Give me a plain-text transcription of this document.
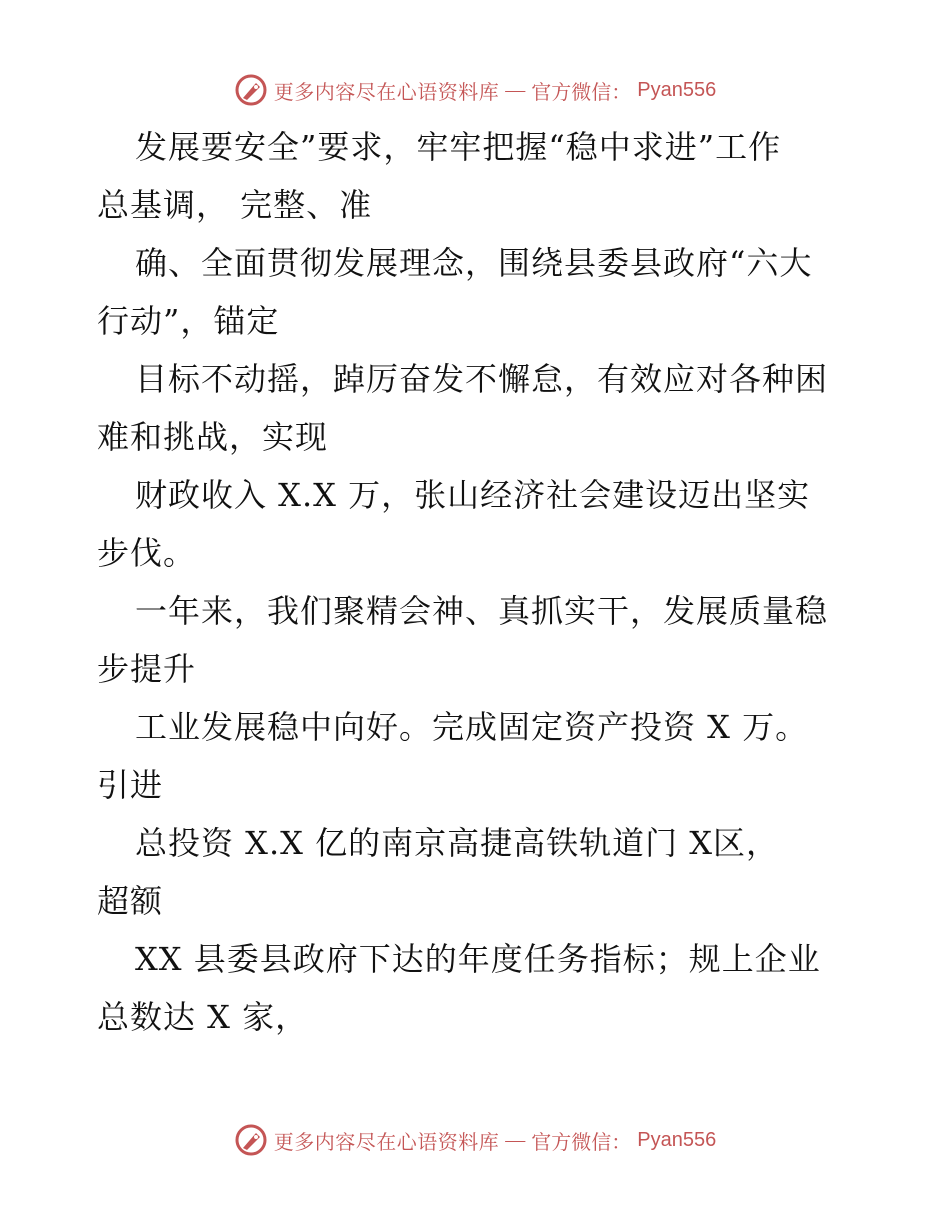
更多内容尽在心语资料库 — 官方微信： Pyan556

发展要安全”要求，牢牢把握“稳中求进”工作
总基调， 完整、准

确、全面贯彻发展理念，围绕县委县政府“六大
行动”，锚定

目标不动摇，踔厉奋发不懈怠，有效应对各种困
难和挑战，实现

财政收入 X.X 万，张山经济社会建设迈出坚实
步伐。

一年来，我们聚精会神、真抓实干，发展质量稳
步提升

工业发展稳中向好。完成固定资产投资 X 万。
引进

总投资 X.X 亿的南京高捷高铁轨道门 X区，
超额

XX 县委县政府下达的年度任务指标；规上企业
总数达 X 家，

更多内容尽在心语资料库 — 官方微信： Pyan556
